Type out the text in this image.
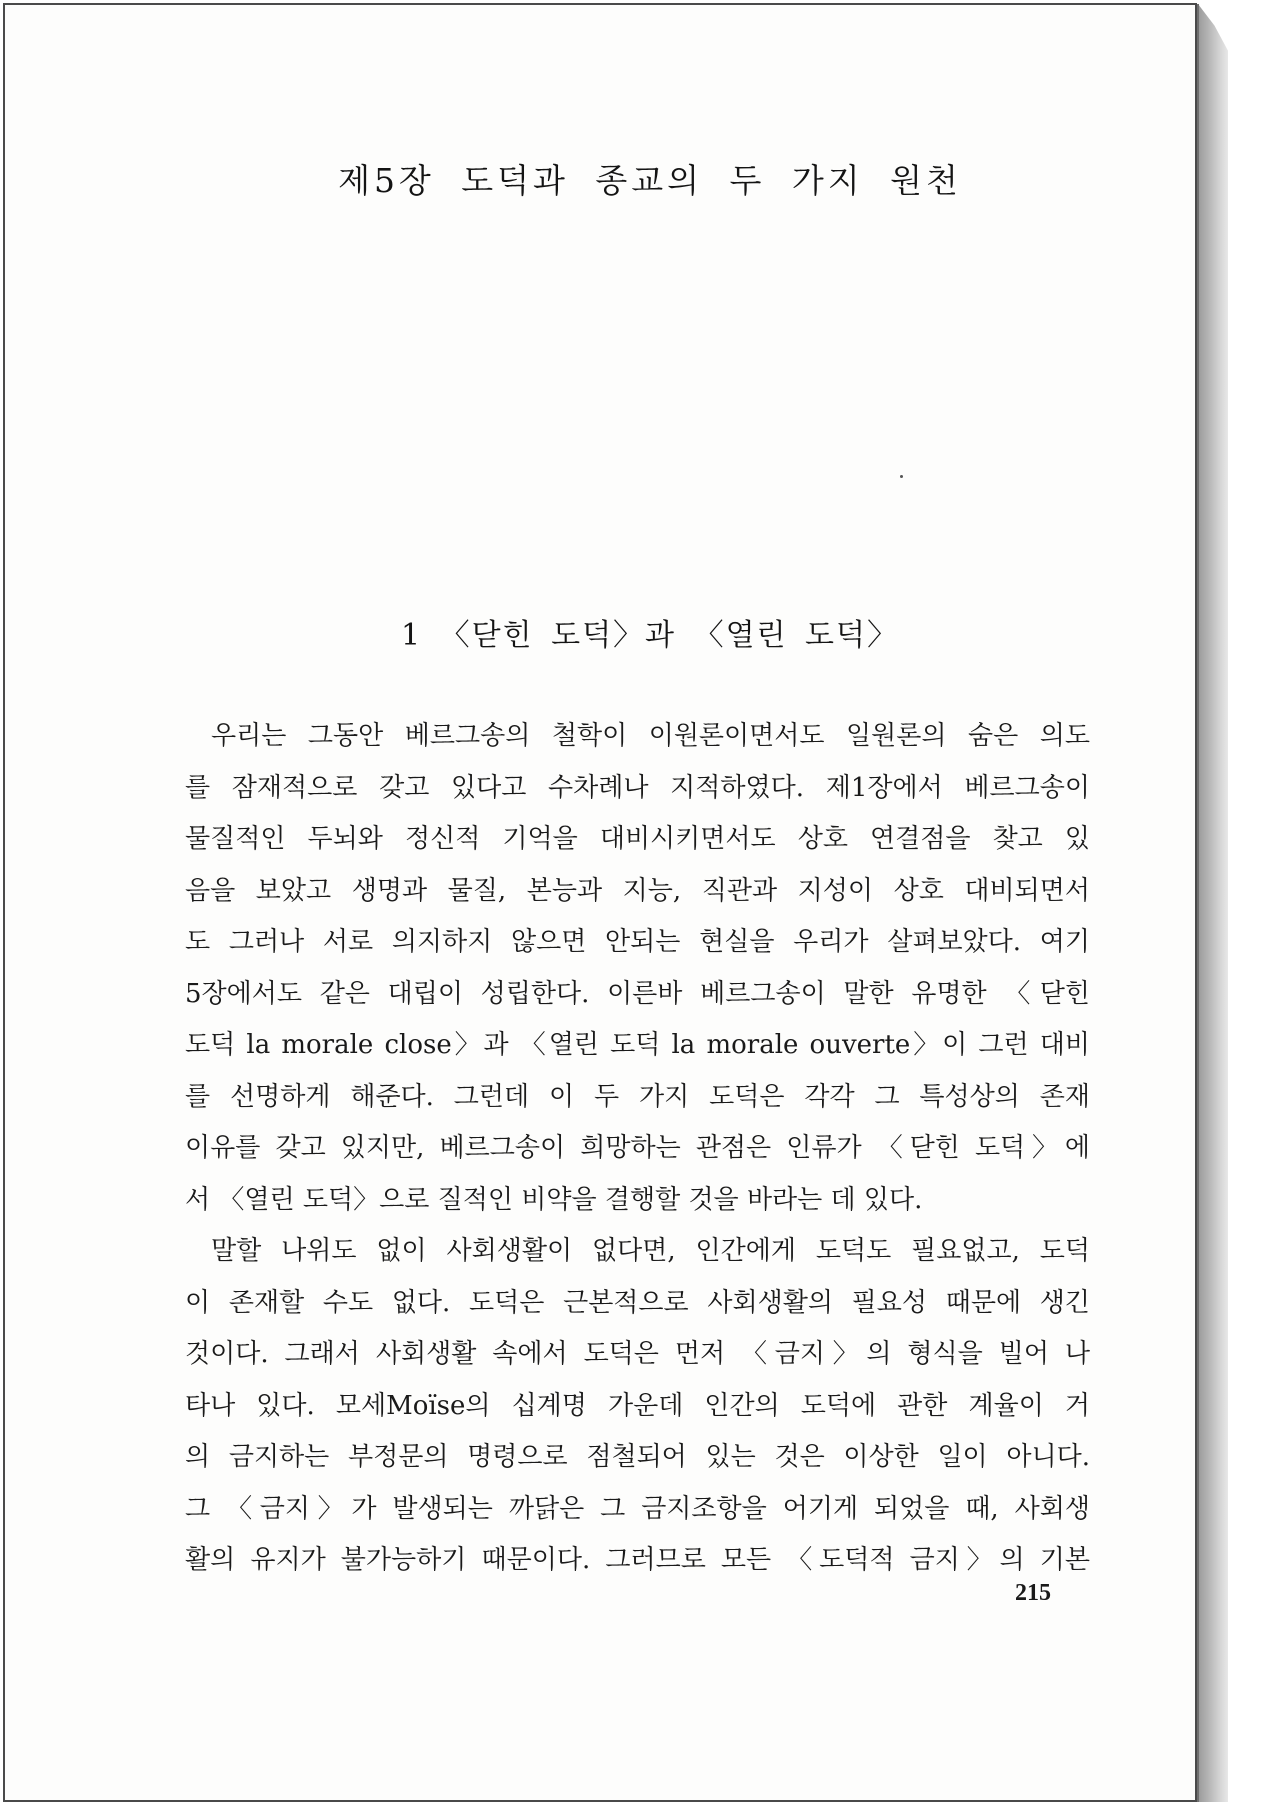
제5장 도덕과 종교의 두 가지 원천
1 〈닫힌 도덕〉과 〈열린 도덕〉
우리는 그동안 베르그송의 철학이 이원론이면서도 일원론의 숨은 의도
를 잠재적으로 갖고 있다고 수차례나 지적하였다. 제1장에서 베르그송이
물질적인 두뇌와 정신적 기억을 대비시키면서도 상호 연결점을 찾고 있
음을 보았고 생명과 물질, 본능과 지능, 직관과 지성이 상호 대비되면서
도 그러나 서로 의지하지 않으면 안되는 현실을 우리가 살펴보았다. 여기
5장에서도 같은 대립이 성립한다. 이른바 베르그송이 말한 유명한 〈닫힌
도덕 la morale close〉과 〈열린 도덕 la morale ouverte〉이 그런 대비
를 선명하게 해준다. 그런데 이 두 가지 도덕은 각각 그 특성상의 존재
이유를 갖고 있지만, 베르그송이 희망하는 관점은 인류가 〈닫힌 도덕〉에
서 〈열린 도덕〉으로 질적인 비약을 결행할 것을 바라는 데 있다.
말할 나위도 없이 사회생활이 없다면, 인간에게 도덕도 필요없고, 도덕
이 존재할 수도 없다. 도덕은 근본적으로 사회생활의 필요성 때문에 생긴
것이다. 그래서 사회생활 속에서 도덕은 먼저 〈금지〉의 형식을 빌어 나
타나 있다. 모세Moïse의 십계명 가운데 인간의 도덕에 관한 계율이 거
의 금지하는 부정문의 명령으로 점철되어 있는 것은 이상한 일이 아니다.
그 〈금지〉가 발생되는 까닭은 그 금지조항을 어기게 되었을 때, 사회생
활의 유지가 불가능하기 때문이다. 그러므로 모든 〈도덕적 금지〉의 기본
215
